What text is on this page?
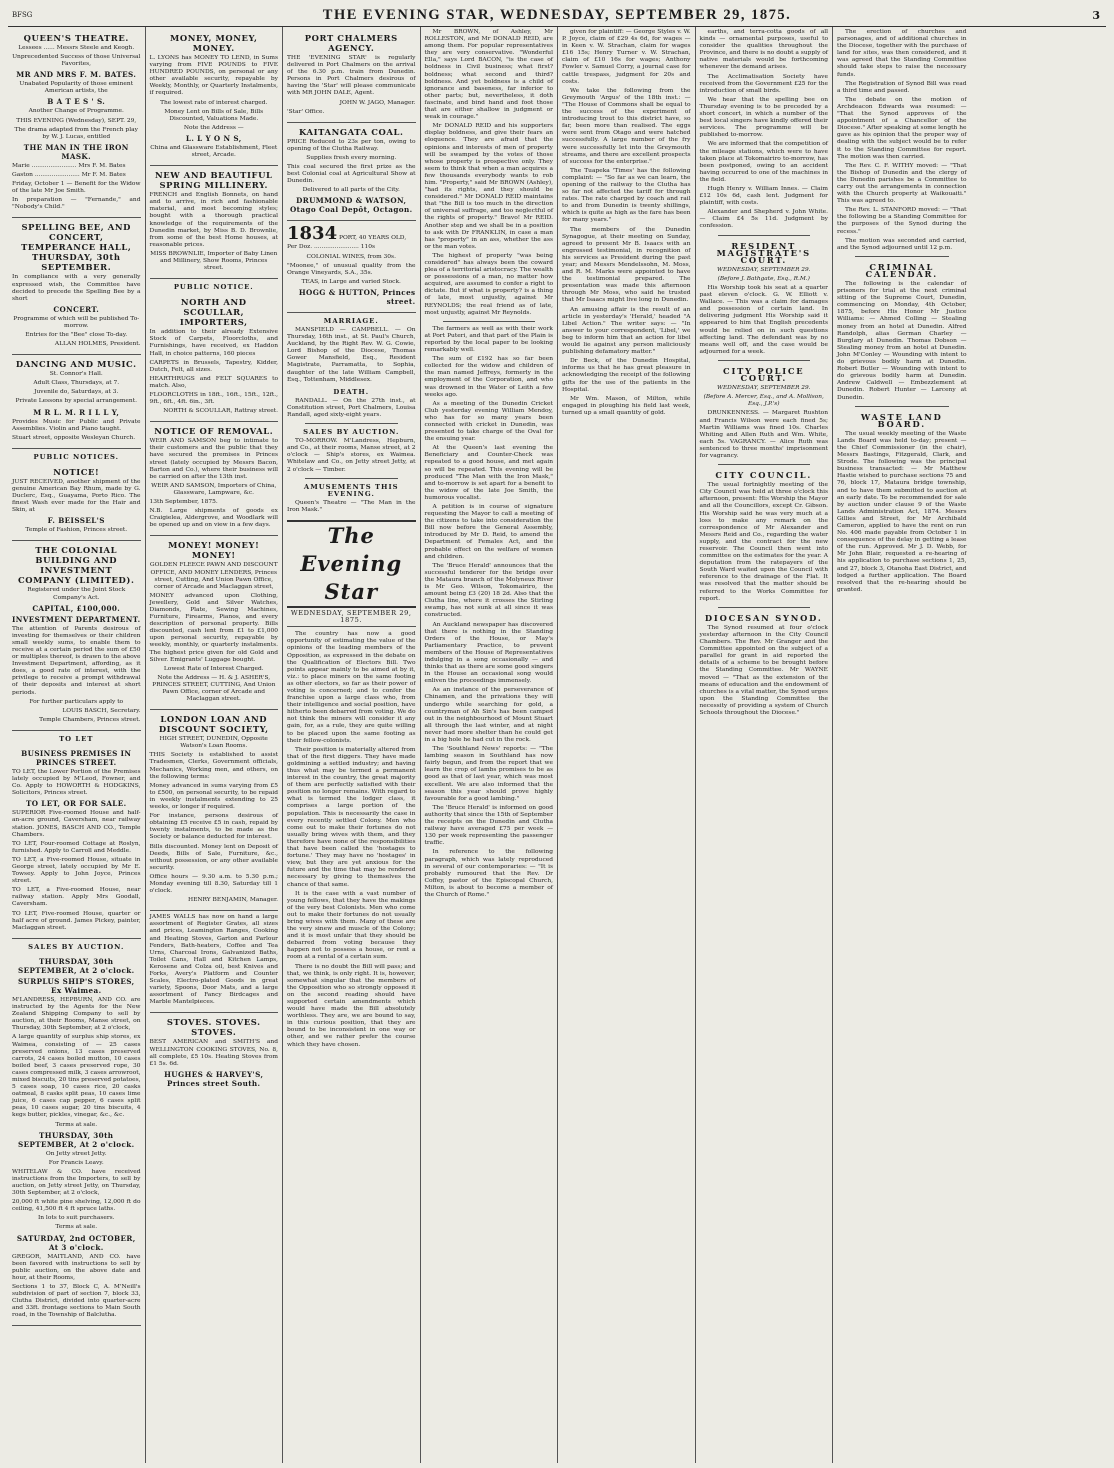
BFSG	THE EVENING STAR, WEDNESDAY, SEPTEMBER 29, 1875.	3
QUEEN'S THEATRE.
Lessees ...... Messrs Steele and Keogh.
Unprecedented Success of those Universal Favorites,
MR AND MRS F. M. BATES.
Unabated Popularity of those eminent American artists, the
B A T E S ' S.
Another Change of Programme.
THIS EVENING (Wednesday), SEPT. 29,
The drama adapted from the French play by W. J. Lucas, entitled
THE MAN IN THE IRON MASK.
Marie ........................ Mrs F. M. Bates
Gaston ........................ Mr F. M. Bates
Friday, October 1 — Benefit for the Widow of the late Mr Joe Smith.
In preparation — "Fernande," and "Nobody's Child."
SPELLING BEE, AND CONCERT, TEMPERANCE HALL, THURSDAY, 30th SEPTEMBER.
In compliance with a very generally expressed wish, the Committee have decided to precede the Spelling Bee by a short
CONCERT.
Programme of which will be published To-morrow.
Entries for the "Bee" close To-day.
ALLAN HOLMES, President.
DANCING AND MUSIC.
St. Connor's Hall.
Adult Class, Thursdays, at 7.
Juvenile do, Saturdays, at 3.
Private Lessons by special arrangement.
M R L. M. R I L L Y,
Provides Music for Public and Private Assemblies. Violin and Piano taught.
Stuart street, opposite Wesleyan Church.
PUBLIC NOTICES.
NOTICE!
JUST RECEIVED, another shipment of the genuine American Bay Rhum, made by G. Duclerc, Esq., Guayama, Porto Rico. The finest Wash ever made for the Hair and Skin, at
F. BEISSEL'S
Temple of Fashion, Princes street.
THE COLONIAL BUILDING AND INVESTMENT COMPANY (LIMITED).
Registered under the Joint Stock Company's Act.
CAPITAL, £100,000.
INVESTMENT DEPARTMENT.
The attention of Parents desirous of investing for themselves or their children small weekly sums, to enable them to receive at a certain period the sum of £50 or multiples thereof, is drawn to the above Investment Department, affording, as it does, a good rate of interest, with the privilege to receive a prompt withdrawal of their deposits and interest at short periods.
For further particulars apply to
LOUIS BASCH, Secretary.
Temple Chambers, Princes street.
TO LET
BUSINESS PREMISES IN PRINCES STREET.
TO LET, the Lower Portion of the Premises lately occupied by M'Leod, Fowner, and Co. Apply to HOWORTH & HODGKINS, Solicitors, Princes street.
TO LET, OR FOR SALE.
SUPERIOR Five-roomed House and half-an-acre ground, Caversham, near railway station. JONES, BASCH AND CO., Temple Chambers.
TO LET, Four-roomed Cottage at Roslyn, furnished. Apply to Carroll and Meddle.
TO LET, a Five-roomed House, situate in George street, lately occupied by Mr E. Towsey. Apply to John Joyce, Princes street.
TO LET, a Five-roomed House, near railway station. Apply Mrs Goodall, Caversham.
TO LET, Five-roomed House, quarter or half acre of ground. James Pickey, painter, Maclaggan street.
SALES BY AUCTION.
THURSDAY, 30th SEPTEMBER, At 2 o'clock.
SURPLUS SHIP'S STORES, Ex Waimea.
M'LANDRESS, HEPBURN, AND CO. are instructed by the Agents for the New Zealand Shipping Company to sell by auction, at their Rooms, Manse street, on Thursday, 30th September, at 2 o'clock,
A large quantity of surplus ship stores, ex Waimea, consisting of — 25 cases preserved onions, 13 cases preserved carrots, 24 cases boiled mutton, 10 cases boiled beef, 3 cases preserved rope, 30 cases compressed milk, 3 cases arrowroot, mixed biscuits, 20 tins preserved potatoes, 5 cases soap, 10 cases rice, 20 casks oatmeal, 8 casks split peas, 10 cases lime juice, 6 cases cap pepper, 6 cases split peas, 10 cases sugar, 20 tins biscuits, 4 kegs butter, pickles, vinegar, &c., &c.
Terms at sale.
THURSDAY, 30th SEPTEMBER, At 2 o'clock.
On Jetty street Jetty.
For Francis Leavy.
WHITELAW & CO. have received instructions from the Importers, to sell by auction, on Jetty street Jetty, on Thursday, 30th September, at 2 o'clock,
20,000 ft white pine shelving, 12,000 ft do ceiling, 41,500 ft 4 ft spruce laths.
In lots to suit purchasers.
Terms at sale.
SATURDAY, 2nd OCTOBER, At 3 o'clock.
GREGOR, MAITLAND, AND CO. have been favored with instructions to sell by public auction, on the above date and hour, at their Rooms,
Sections 1 to 37, Block C, A. M'Neill's subdivision of part of section 7, block 33, Clutha District, divided into quarter-acre and 33ft. frontage sections to Main South road, in the Township of Balclutha.
MONEY, MONEY, MONEY.
L. LYONS has MONEY TO LEND, in Sums varying from FIVE POUNDS to FIVE HUNDRED POUNDS, on personal or any other available security, repayable by Weekly, Monthly, or Quarterly Instalments, if required.
The lowest rate of interest charged.
Money Lent on Bills of Sale, Bills Discounted, Valuations Made.
Note the Address —
L. L Y O N S,
China and Glassware Establishment, Fleet street, Arcade.
NEW AND BEAUTIFUL SPRING MILLINERY.
FRENCH and English Bonnets, on hand and to arrive, in rich and fashionable material, and most becoming styles; bought with a thorough practical knowledge of the requirements of the Dunedin market, by Miss B. D. Brownlie, from some of the best Home houses, at reasonable prices.
MISS BROWNLIE, Importer of Baby Linen and Millinery, Show Rooms, Princes street.
PUBLIC NOTICE.
NORTH AND SCOULLAR, IMPORTERS,
In addition to their already Extensive Stock of Carpets, Floorcloths, and Furnishings, have received, ex Haddon Hall, in choice patterns, 160 pieces
CARPETS in Brussels, Tapestry, Kidder, Dutch, Felt, all sizes.
HEARTHRUGS and FELT SQUARES to match. Also,
FLOORCLOTHS in 18ft., 16ft., 15ft., 12ft., 9ft., 6ft., 4ft. 6in., 3ft.
NORTH & SCOULLAR, Rattray street.
NOTICE OF REMOVAL.
WEIR AND SAMSON beg to intimate to their customers and the public that they have secured the premises in Princes street (lately occupied by Messrs Bacon, Barton and Co.), where their business will be carried on after the 13th inst.
WEIR AND SAMSON, Importers of China, Glassware, Lampware, &c.
13th September, 1875.
N.B. Large shipments of goods ex Craigielea, Aldergrove, and Woodlark will be opened up and on view in a few days.
MONEY! MONEY! MONEY!
GOLDEN FLEECE PAWN AND DISCOUNT OFFICE, AND MONEY LENDERS, Princes street, Cutting, And Union Pawn Office, corner of Arcade and Maclaggan street,
MONEY advanced upon Clothing, Jewellery, Gold and Silver Watches, Diamonds, Plate, Sewing Machines, Furniture, Firearms, Pianos, and every description of personal property. Bills discounted, cash lent from £1 to £1,000 upon personal security, repayable by weekly, monthly, or quarterly instalments. The highest price given for old Gold and Silver. Emigrants' Luggage bought.
Lowest Rate of Interest Charged.
Note the Address — H. & J. ASHER'S, PRINCES STREET, CUTTING, And Union Pawn Office, corner of Arcade and Maclaggan street.
LONDON LOAN AND DISCOUNT SOCIETY,
HIGH STREET, DUNEDIN, Opposite Watson's Loan Rooms.
THIS Society is established to assist Tradesmen, Clerks, Government officials, Mechanics, Working men, and others, on the following terms:
Money advanced in sums varying from £5 to £500, on personal security, to be repaid in weekly instalments extending to 25 weeks, or longer if required.
For instance, persons desirous of obtaining £5 receive £5 in cash, repaid by twenty instalments, to be made as the Society or balance deducted for interest.
Bills discounted. Money lent on Deposit of Deeds, Bills of Sale, Furniture, &c., without possession, or any other available security.
Office hours — 9.30 a.m. to 5.30 p.m.; Monday evening till 8.30, Saturday till 1 o'clock.
HENRY BENJAMIN, Manager.
JAMES WALLS has now on hand a large assortment of Register Grates, all sizes and prices, Leamington Ranges, Cooking and Heating Stoves, Garton and Parlour Fenders, Bath-heaters, Coffee and Tea Urns, Charcoal Irons, Galvanized Baths, Toilet Cans, Hall and Kitchen Lamps, Kerosene and Colza oil, best Knives and Forks, Avery's Platform and Counter Scales, Electro-plated Goods in great variety, Spoons, Door Mats, and a large assortment of Fancy Birdcages and Marble Mantelpieces.
STOVES. STOVES. STOVES.
BEST AMERICAN and SMITH'S and WELLINGTON COOKING STOVES, No. 8, all complete, £5 10s. Heating Stoves from £1 5s. 6d.
HUGHES & HARVEY'S, Princes street South.
PORT CHALMERS AGENCY.
THE 'EVENING STAR' is regularly delivered in Port Chalmers on the arrival of the 6.30 p.m. train from Dunedin. Persons in Port Chalmers desirous of having the 'Star' will please communicate with MR JOHN DALE, Agent.
JOHN W. JAGO, Manager.
'Star' Office.
KAITANGATA COAL.
PRICE Reduced to 23s per ton, owing to opening of the Clutha Railway.
Supplies fresh every morning.
This coal secured the first prize as the best Colonial coal at Agricultural Show at Dunedin.
Delivered to all parts of the City.
DRUMMOND & WATSON, Otago Coal Depôt, Octagon.
1834 PORT, 40 YEARS OLD,
Per Doz. ........................ 110s
COLONIAL WINES, from 30s.
"Moonee," of unusual quality from the Orange Vineyards, S.A., 35s.
TEAS, in Large and varied Stock.
HOGG & HUTTON, Princes street.
MARRIAGE.
MANSFIELD — CAMPBELL. — On Thursday, 16th inst., at St. Paul's Church, Auckland, by the Right Rev. W. G. Cowie, Lord Bishop of the Diocese, Thomas Gower Mansfield, Esq., Resident Magistrate, Parramatta, to Sophia, daughter of the late William Campbell, Esq., Tottenham, Middlesex.
DEATH.
RANDALL. — On the 27th inst., at Constitution street, Port Chalmers, Louisa Randall, aged sixty-eight years.
SALES BY AUCTION.
TO-MORROW. M'Landress, Hepburn, and Co., at their rooms, Manse street, at 2 o'clock — Ship's stores, ex Waimea. Whitelaw and Co., on Jetty street Jetty, at 2 o'clock — Timber.
AMUSEMENTS THIS EVENING.
Queen's Theatre — "The Man in the Iron Mask."
The Evening Star
WEDNESDAY, SEPTEMBER 29, 1875.
The country has now a good opportunity of estimating the value of the opinions of the leading members of the Opposition, as expressed in the debate on the Qualification of Electors Bill. Two points appear mainly to be aimed at by it, viz.: to place miners on the same footing as other electors, so far as their power of voting is concerned; and to confer the franchise upon a large class who, from their intelligence and social position, have hitherto been debarred from voting. We do not think the miners will consider it any gain, for, as a rule, they are quite willing to be placed upon the same footing as their fellow-colonists.
Their position is materially altered from that of the first diggers. They have made goldmining a settled industry; and having thus what may be termed a permanent interest in the country, the great majority of them are perfectly satisfied with their position no longer remains. With regard to what is termed the lodger class, it comprises a large portion of the population. This is necessarily the case in every recently settled Colony. Men who come out to make their fortunes do not usually bring wives with them, and they therefore have none of the responsibilities that have been called the 'hostages to fortune.' They may have no 'hostages' in view, but they are yet anxious for the future and the time that may be rendered necessary by giving to themselves the chance of that same.
It is the case with a vast number of young fellows, that they have the makings of the very best Colonists. Men who come out to make their fortunes do not usually bring wives with them. Many of these are the very sinew and muscle of the Colony; and it is most unfair that they should be debarred from voting because they happen not to possess a house, or rent a room at a rental of a certain sum.
There is no doubt the Bill will pass; and that, we think, is only right. It is, however, somewhat singular that the members of the Opposition who so strongly opposed it on the second reading should have supported certain amendments which would have made the Bill absolutely worthless. They are, we are bound to say, in this curious position, that they are bound to be inconsistent in one way or other, and we rather prefer the course which they have chosen.
Mr BROWN, of Ashley, Mr ROLLESTON, and Mr DONALD REID, are among them. For popular representatives they are very conservative. "Wonderful Ella," says Lord BACON, "is the case of boldness in Civil business; what first? boldness; what second and third? boldness. And yet boldness is a child of ignorance and baseness, far inferior to other parts; but, nevertheless, it doth fascinate, and bind hand and foot those that are either shallow in judgment or weak in courage."
Mr DONALD REID and his supporters display boldness, and give their fears an eloquence. They are afraid that the opinions and interests of men of property will be swamped by the votes of those whose property is prospective only. They seem to think that when a man acquires a few thousands everybody wants to rob him. "Property," said Mr BROWN (Ashley), "had its rights, and they should be considered." Mr DONALD REID maintains that "the Bill is too much in the direction of universal suffrage, and too neglectful of the rights of property." Bravo! Mr REID. Another step and we shall be in a position to ask with Dr FRANKLIN, in case a man has "property" in an ass, whether the ass or the man votes.
The highest of property "was being considered" has always been the coward plea of a territorial aristocracy. The wealth or possessions of a man, no matter how acquired, are assumed to confer a right to dictate. But if what is property? is a thing of late, most unjustly, against Mr REYNOLDS; the real friend as of late, most unjustly, against Mr Reynolds.
The farmers as well as with their work at Port Puteri, and that part of the Plain is reported by the local paper to be looking remarkably well.
The sum of £192 has so far been collected for the widow and children of the man named Jeffreys, formerly in the employment of the Corporation, and who was drowned in the Water of Leith a few weeks ago.
As a meeting of the Dunedin Cricket Club yesterday evening William Mendoy, who has for so many years been connected with cricket in Dunedin, was presented to take charge of the Oval for the ensuing year.
At the Queen's last evening the Beneficiary and Counter-Check was repeated to a good house, and met again so will be repeated. This evening will be produced "The Man with the Iron Mask," and to-morrow is set apart for a benefit to the widow of the late Joe Smith, the humorous vocalist.
A petition is in course of signature requesting the Mayor to call a meeting of the citizens to take into consideration the Bill now before the General Assembly, introduced by Mr D. Reid, to amend the Department of Females Act, and the probable effect on the welfare of women and children.
The 'Bruce Herald' announces that the successful tenderer for the bridge over the Mataura branch of the Molyneux River is Mr Geo. Wilson, Tokomairiro, the amount being £3 (20) 18 2d. Also that the Clutha line, where it crosses the Stirling swamp, has not sunk at all since it was constructed.
An Auckland newspaper has discovered that there is nothing in the Standing Orders of the House, or May's Parliamentary Practice, to prevent members of the House of Representatives indulging in a song occasionally — and thinks that as there are some good singers in the House an occasional song would enliven the proceedings immensely.
As an instance of the perseverance of Chinamen, and the privations they will undergo while searching for gold, a countryman of Ah Sin's has been camped out in the neighbourhood of Mount Stuart all through the last winter, and at night never had more shelter than he could get in a big hole he had cut in the rock.
The 'Southland News' reports: — "The lambing season in Southland has now fairly begun, and from the report that we learn the crop of lambs promises to be as good as that of last year, which was most excellent. We are also informed that the season this year should prove highly favourable for a good lambing."
The 'Bruce Herald' is informed on good authority that since the 15th of September the receipts on the Dunedin and Clutha railway have averaged £75 per week — 130 per week representing the passenger traffic.
In reference to the following paragraph, which was lately reproduced in several of our contemporaries: — "It is probably rumoured that the Rev. Dr Coffey, pastor of the Episcopal Church, Milton, is about to become a member of the Church of Rome."
given for plaintiff: — George Styles v. W. P. Joyce, claim of £29 4s 6d, for wages — in Keen v. W. Strachan, claim for wages £16 15s; Henry Turner v. W. Strachan, claim of £10 16s for wages; Anthony Fowler v. Samuel Corry, a journal case for cattle trespass, judgment for 20s and costs.
We take the following from the Greymouth 'Argus' of the 18th inst.: — "The House of Commons shall be equal to the success of the experiment of introducing trout to this district have, so far, been more than realised. The eggs were sent from Otago and were hatched successfully. A large number of the fry were successfully let into the Greymouth streams, and there are excellent prospects of success for the enterprise."
The Tuapeka 'Times' has the following complaint: — "So far as we can learn, the opening of the railway to the Clutha has so far not affected the tariff for through rates. The rate charged by coach and rail to and from Dunedin is twenty shillings, which is quite as high as the fare has been for many years."
The members of the Dunedin Synagogue, at their meeting on Sunday, agreed to present Mr B. Isaacs with an engrossed testimonial, in recognition of his services as President during the past year; and Messrs Mendelssohn, M. Moss, and R. M. Marks were appointed to have the testimonial prepared. The presentation was made this afternoon through Mr Moss, who said he trusted that Mr Isaacs might live long in Dunedin.
An amusing affair is the result of an article in yesterday's 'Herald,' headed "A Libel Action." The writer says: — "In answer to your correspondent, 'Libel,' we beg to inform him that an action for libel would lie against any person maliciously publishing defamatory matter."
Dr Beck, of the Dunedin Hospital, informs us that he has great pleasure in acknowledging the receipt of the following gifts for the use of the patients in the Hospital.
Mr Wm. Mason, of Milton, while engaged in ploughing his field last week, turned up a small quantity of gold.
earths, and terra-cotta goods of all kinds — ornamental purposes, useful to consider the qualities throughout the Province, and there is no doubt a supply of native materials would be forthcoming whenever the demand arises.
The Acclimatisation Society have received from the Government £25 for the introduction of small birds.
We hear that the spelling bee on Thursday evening is to be preceded by a short concert, in which a number of the best local singers have kindly offered their services. The programme will be published to-morrow.
We are informed that the competition of the mileage stations, which were to have taken place at Tokomairiro to-morrow, has been postponed, owing to an accident having occurred to one of the machines in the field.
Hugh Henry v. William Innes. — Claim £12 10s 6d, cash lent. Judgment for plaintiff, with costs.
Alexander and Shepherd v. John White. — Claim £4 5s 11d. Judgment by confession.
RESIDENT MAGISTRATE'S COURT.
WEDNESDAY, SEPTEMBER 29.
(Before J. Bathgate, Esq., R.M.)
His Worship took his seat at a quarter past eleven o'clock. G. W. Elliott v. Wallace. — This was a claim for damages and possession of certain land. In delivering judgment His Worship said it appeared to him that English precedents would be relied on in such questions affecting land. The defendant was by no means well off, and the case would be adjourned for a week.
CITY POLICE COURT.
WEDNESDAY, SEPTEMBER 29.
(Before A. Mercer, Esq., and A. Mollison, Esq., J.P.'s)
DRUNKENNESS. — Margaret Rushton and Francis Wilson were each fined 5s; Martin Williams was fined 10s. Charles Whiting and Allen Ruth and Wm. White, each 5s. VAGRANCY. — Alice Ruth was sentenced to three months' imprisonment for vagrancy.
CITY COUNCIL.
The usual fortnightly meeting of the City Council was held at three o'clock this afternoon, present: His Worship the Mayor and all the Councillors, except Cr. Gibson. His Worship said he was very much at a loss to make any remark on the correspondence of Mr Alexander and Messrs Reid and Co., regarding the water supply, and the contract for the new reservoir. The Council then went into committee on the estimates for the year. A deputation from the ratepayers of the South Ward waited upon the Council with reference to the drainage of the Flat. It was resolved that the matter should be referred to the Works Committee for report.
DIOCESAN SYNOD.
The Synod resumed at four o'clock yesterday afternoon in the City Council Chambers. The Rev. Mr Granger and the Committee appointed on the subject of a parallel for grant in aid reported the details of a scheme to be brought before the Standing Committee. Mr WAYNE moved — "That as the extension of the means of education and the endowment of churches is a vital matter, the Synod urges upon the Standing Committee the necessity of providing a system of Church Schools throughout the Diocese."
The erection of churches and parsonages, and of additional churches in the Diocese, together with the purchase of land for sites, was then considered, and it was agreed that the Standing Committee should take steps to raise the necessary funds.
The Registration of Synod Bill was read a third time and passed.
The debate on the motion of Archdeacon Edwards was resumed: — "That the Synod approves of the appointment of a Chancellor of the Diocese." After speaking at some length he gave as his opinion that the proper way of dealing with the subject would be to refer it to the Standing Committee for report. The motion was then carried.
The Rev. C. F. WITHY moved: — "That the Bishop of Dunedin and the clergy of the Dunedin parishes be a Committee to carry out the arrangements in connection with the Church property at Waikouaiti." This was agreed to.
The Rev. L. STANFORD moved: — "That the following be a Standing Committee for the purposes of the Synod during the recess."
The motion was seconded and carried, and the Synod adjourned until 12 p.m.
CRIMINAL CALENDAR.
The following is the calendar of prisoners for trial at the next criminal sitting of the Supreme Court, Dunedin, commencing on Monday, 4th October, 1875, before His Honor Mr Justice Williams: — Ahmed Colling — Stealing money from an hotel at Dunedin. Alfred Randolph, alias German Charley — Burglary at Dunedin. Thomas Dobson — Stealing money from an hotel at Dunedin. John M'Conley — Wounding with intent to do grievous bodily harm at Dunedin. Robert Butler — Wounding with intent to do grievous bodily harm at Dunedin. Andrew Caldwell — Embezzlement at Dunedin. Robert Hunter — Larceny at Dunedin.
WASTE LAND BOARD.
The usual weekly meeting of the Waste Lands Board was held to-day; present — the Chief Commissioner (in the chair), Messrs Bastings, Fitzgerald, Clark, and Strode. The following was the principal business transacted: — Mr Matthew Hastie wished to purchase sections 75 and 76, block 17, Mataura bridge township, and to have them submitted to auction at an early date. To be recommended for sale by auction under clause 9 of the Waste Lands Administration Act, 1874. Messrs Gillies and Street, for Mr Archibald Cameron, applied to have the rent on run No. 406 made payable from October 1 in consequence of the delay in getting a lease of the run. Approved. Mr J. D. Webb, for Mr John Blair, requested a re-hearing of his application to purchase sections 1, 25, and 27, block 3, Otanoha East District, and lodged a further application. The Board resolved that the re-hearing should be granted.
